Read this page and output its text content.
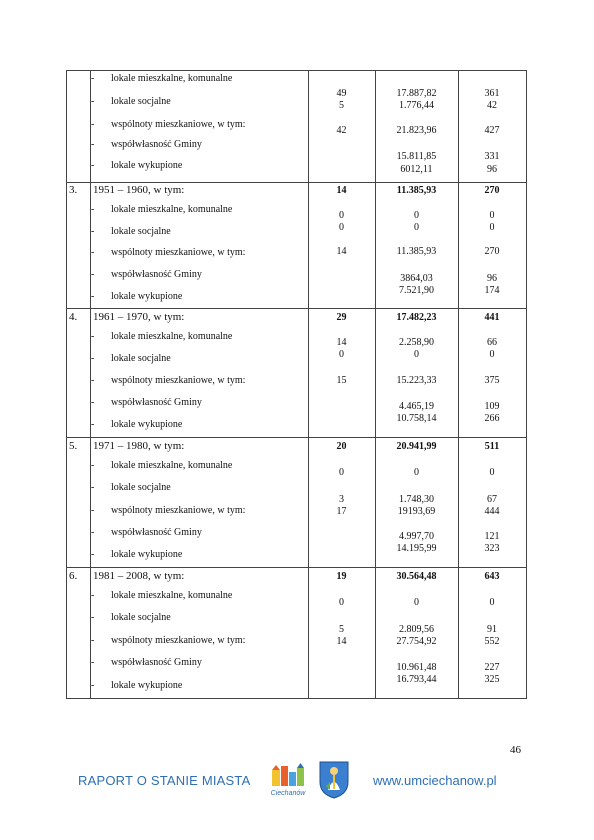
- lokale mieszkalne, komunalne
- lokale socjalne
- wspólnoty mieszkaniowe, w tym:
- współwłasność Gminy
- lokale wykupione
49
5
42
17.887,82
1.776,44
21.823,96
15.811,85
6012,11
361
42
427
331
96
3. 1951 – 1960, w tym:
- lokale mieszkalne, komunalne
- lokale socjalne
- wspólnoty mieszkaniowe, w tym:
- współwłasność Gminy
- lokale wykupione
14
0
0
14
11.385,93
0
0
11.385,93
3864,03
7.521,90
270
0
0
270
96
174
4. 1961 – 1970, w tym:
- lokale mieszkalne, komunalne
- lokale socjalne
- wspólnoty mieszkaniowe, w tym:
- współwłasność Gminy
- lokale wykupione
29
14
0
15
17.482,23
2.258,90
0
15.223,33
4.465,19
10.758,14
441
66
0
375
109
266
5. 1971 – 1980, w tym:
- lokale mieszkalne, komunalne
- lokale socjalne
- wspólnoty mieszkaniowe, w tym:
- współwłasność Gminy
- lokale wykupione
20
0
3
17
20.941,99
0
1.748,30
19193,69
4.997,70
14.195,99
511
0
67
444
121
323
6. 1981 – 2008, w tym:
- lokale mieszkalne, komunalne
- lokale socjalne
- wspólnoty mieszkaniowe, w tym:
- współwłasność Gminy
- lokale wykupione
19
0
5
14
30.564,48
0
2.809,56
27.754,92
10.961,48
16.793,44
643
0
91
552
227
325
46
RAPORT O STANIE MIASTA
Ciechanów
www.umciechanow.pl
